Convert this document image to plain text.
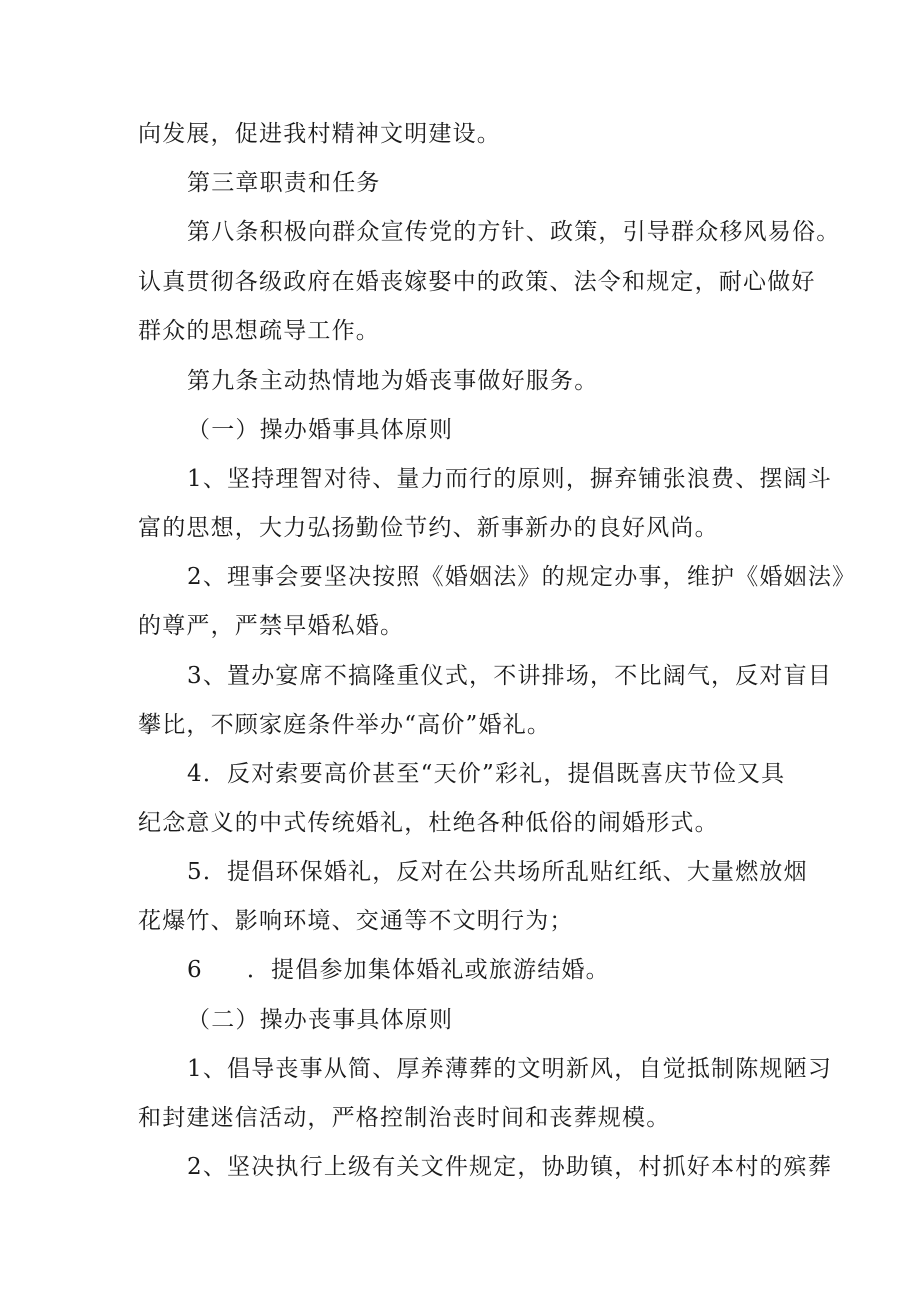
向发展，促进我村精神文明建设。
第三章职责和任务
第八条积极向群众宣传党的方针、政策，引导群众移风易俗。
认真贯彻各级政府在婚丧嫁娶中的政策、法令和规定，耐心做好
群众的思想疏导工作。
第九条主动热情地为婚丧事做好服务。
（一）操办婚事具体原则
1、坚持理智对待、量力而行的原则，摒弃铺张浪费、摆阔斗
富的思想，大力弘扬勤俭节约、新事新办的良好风尚。
2、理事会要坚决按照《婚姻法》的规定办事，维护《婚姻法》
的尊严，严禁早婚私婚。
3、置办宴席不搞隆重仪式，不讲排场，不比阔气，反对盲目
攀比，不顾家庭条件举办“高价”婚礼。
4．反对索要高价甚至“天价”彩礼，提倡既喜庆节俭又具
纪念意义的中式传统婚礼，杜绝各种低俗的闹婚形式。
5．提倡环保婚礼，反对在公共场所乱贴红纸、大量燃放烟
花爆竹、影响环境、交通等不文明行为；
6 ．提倡参加集体婚礼或旅游结婚。
（二）操办丧事具体原则
1、倡导丧事从简、厚养薄葬的文明新风，自觉抵制陈规陋习
和封建迷信活动，严格控制治丧时间和丧葬规模。
2、坚决执行上级有关文件规定，协助镇，村抓好本村的殡葬
